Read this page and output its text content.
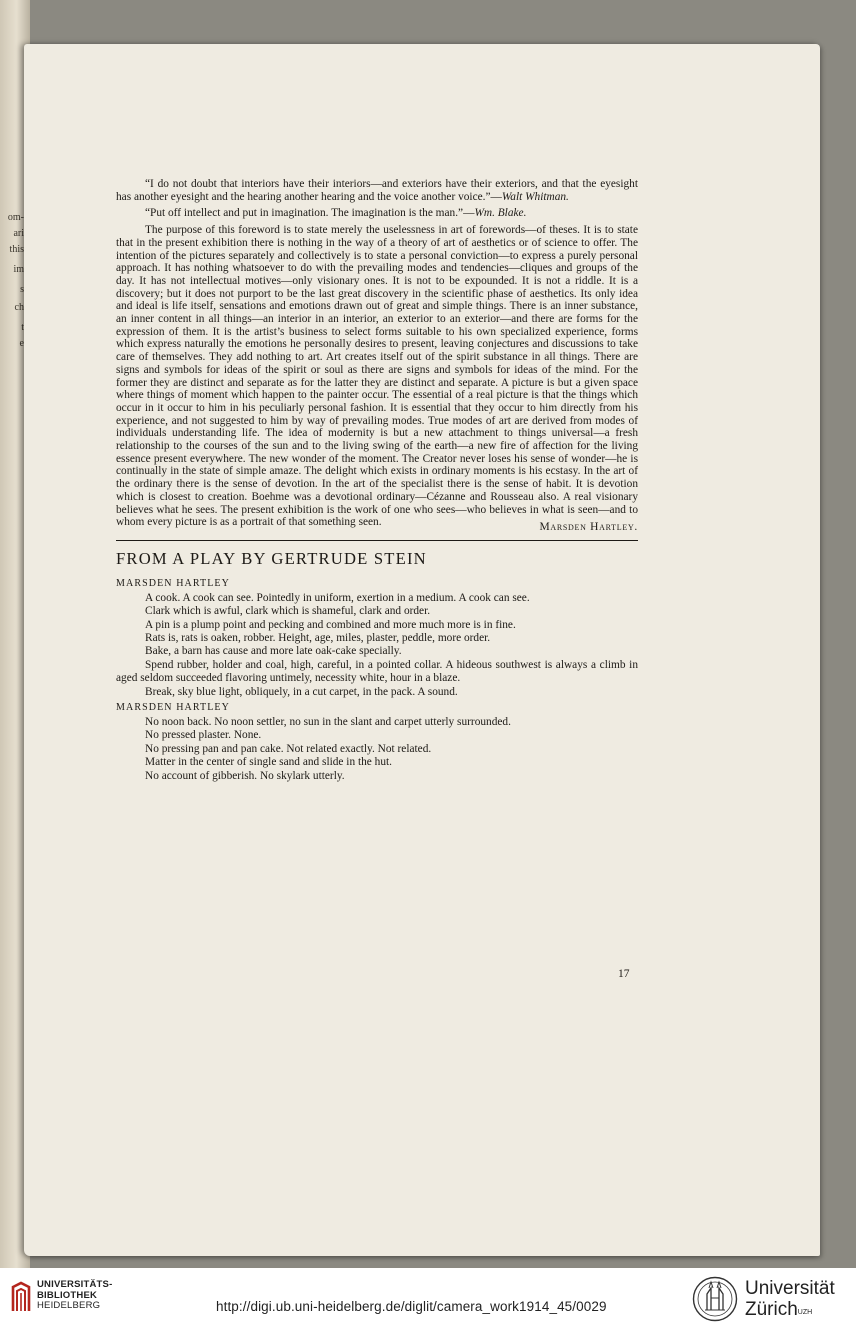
om-
ari
this
im
s
ch
t
e

“I do not doubt that interiors have their interiors—and exteriors have their exteriors, and that the eyesight has another eyesight and the hearing another hearing and the voice another voice.”—Walt Whitman.

“Put off intellect and put in imagination. The imagination is the man.”—Wm. Blake.

The purpose of this foreword is to state merely the uselessness in art of forewords—of theses. It is to state that in the present exhibition there is nothing in the way of a theory of art of aesthetics or of science to offer. The intention of the pictures separately and collectively is to state a personal conviction—to express a purely personal approach. It has nothing whatsoever to do with the prevailing modes and tendencies—cliques and groups of the day. It has not intellectual motives—only visionary ones. It is not to be expounded. It is not a riddle. It is a discovery; but it does not purport to be the last great discovery in the scientific phase of aesthetics. Its only idea and ideal is life itself, sensations and emotions drawn out of great and simple things. There is an inner substance, an inner content in all things—an interior in an interior, an exterior to an exterior—and there are forms for the expression of them. It is the artist’s business to select forms suitable to his own specialized experience, forms which express naturally the emotions he personally desires to present, leaving conjectures and discussions to take care of themselves. They add nothing to art. Art creates itself out of the spirit substance in all things. There are signs and symbols for ideas of the spirit or soul as there are signs and symbols for ideas of the mind. For the former they are distinct and separate as for the latter they are distinct and separate. A picture is but a given space where things of moment which happen to the painter occur. The essential of a real picture is that the things which occur in it occur to him in his peculiarly personal fashion. It is essential that they occur to him directly from his experience, and not suggested to him by way of prevailing modes. True modes of art are derived from modes of individuals understanding life. The idea of modernity is but a new attachment to things universal—a fresh relationship to the courses of the sun and to the living swing of the earth—a new fire of affection for the living essence present everywhere. The new wonder of the moment. The Creator never loses his sense of wonder—he is continually in the state of simple amaze. The delight which exists in ordinary moments is his ecstasy. In the art of the ordinary there is the sense of devotion. In the art of the specialist there is the sense of habit. It is devotion which is closest to creation. Boehme was a devotional ordinary—Cézanne and Rousseau also. A real visionary believes what he sees. The present exhibition is the work of one who sees—who believes in what is seen—and to whom every picture is as a portrait of that something seen.	Marsden Hartley.
FROM A PLAY BY GERTRUDE STEIN
MARSDEN HARTLEY

A cook. A cook can see. Pointedly in uniform, exertion in a medium. A cook can see.

Clark which is awful, clark which is shameful, clark and order.

A pin is a plump point and pecking and combined and more much more is in fine.

Rats is, rats is oaken, robber. Height, age, miles, plaster, peddle, more order.

Bake, a barn has cause and more late oak-cake specially.

Spend rubber, holder and coal, high, careful, in a pointed collar. A hideous southwest is always a climb in aged seldom succeeded flavoring untimely, necessity white, hour in a blaze.

Break, sky blue light, obliquely, in a cut carpet, in the pack. A sound.

MARSDEN HARTLEY

No noon back. No noon settler, no sun in the slant and carpet utterly surrounded.

No pressed plaster. None.

No pressing pan and pan cake. Not related exactly. Not related.

Matter in the center of single sand and slide in the hut.

No account of gibberish. No skylark utterly.

17
UNIVERSITÄTS-
BIBLIOTHEK
HEIDELBERG	http://digi.ub.uni-heidelberg.de/diglit/camera_work1914_45/0029
Universität
Zürich$^{UZH}$
